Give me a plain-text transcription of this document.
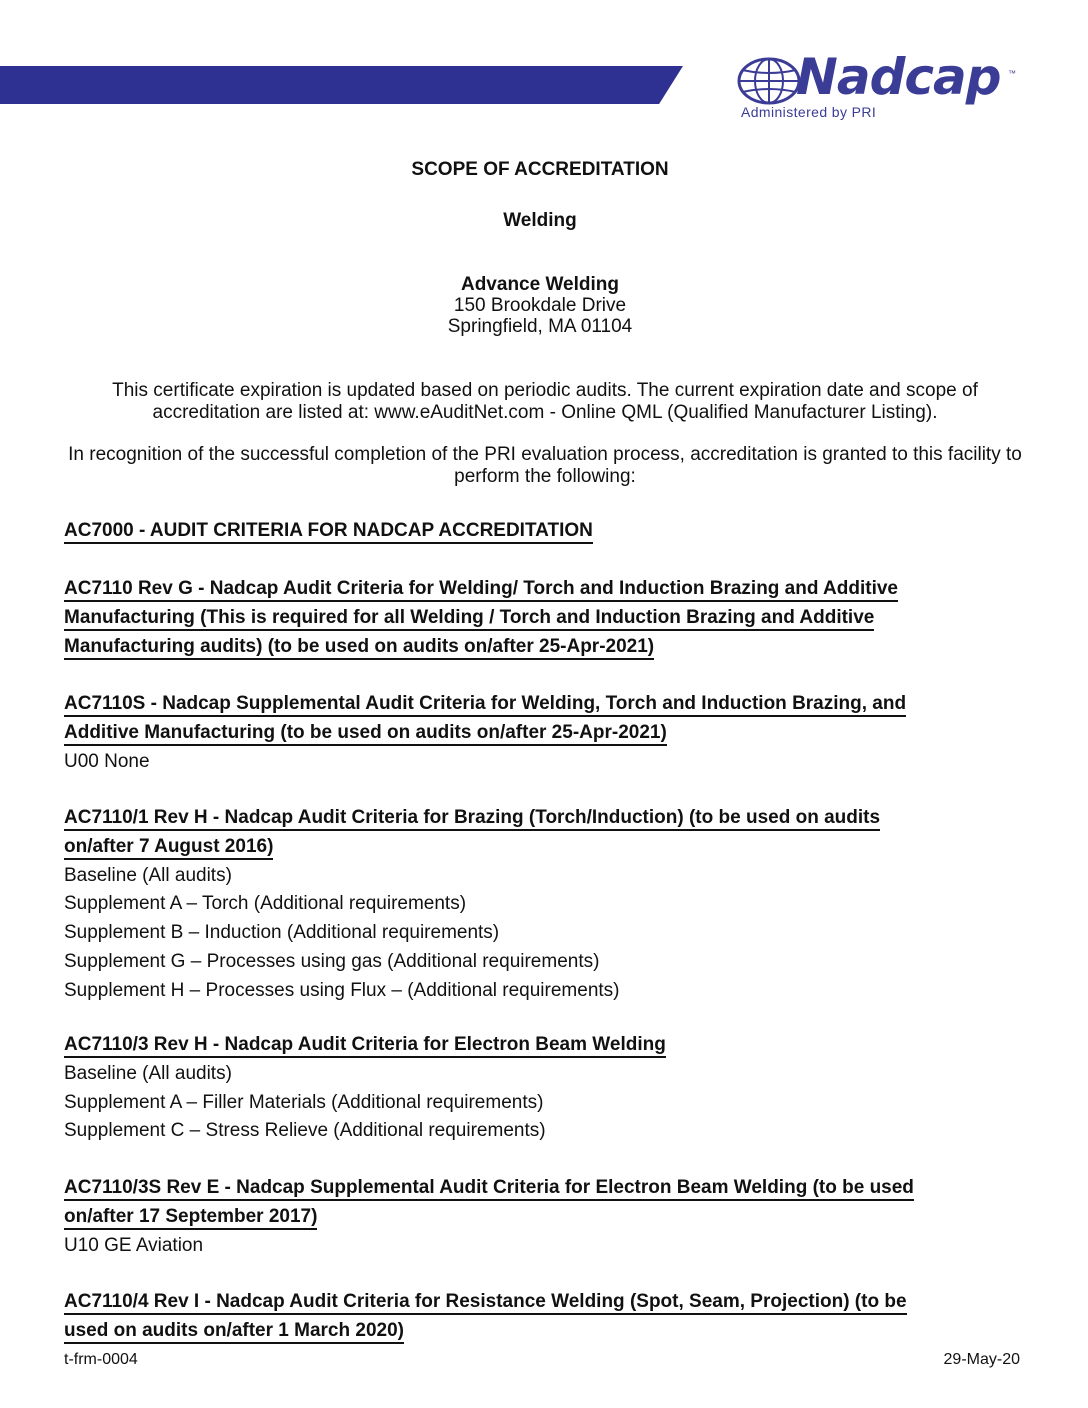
Nadcap ™
Administered by PRI
SCOPE OF ACCREDITATION
Welding
Advance Welding
150 Brookdale Drive
Springfield, MA 01104
This certificate expiration is updated based on periodic audits. The current expiration date and scope of accreditation are listed at: www.eAuditNet.com - Online QML (Qualified Manufacturer Listing).
In recognition of the successful completion of the PRI evaluation process, accreditation is granted to this facility to perform the following:
AC7000 - AUDIT CRITERIA FOR NADCAP ACCREDITATION
AC7110 Rev G - Nadcap Audit Criteria for Welding/ Torch and Induction Brazing and Additive
Manufacturing (This is required for all Welding / Torch and Induction Brazing and Additive
Manufacturing audits) (to be used on audits on/after 25-Apr-2021)
AC7110S - Nadcap Supplemental Audit Criteria for Welding, Torch and Induction Brazing, and
Additive Manufacturing (to be used on audits on/after 25-Apr-2021)
U00 None
AC7110/1 Rev H - Nadcap Audit Criteria for Brazing (Torch/Induction) (to be used on audits
on/after 7 August 2016)
Baseline (All audits)
Supplement A – Torch (Additional requirements)
Supplement B – Induction (Additional requirements)
Supplement G – Processes using gas (Additional requirements)
Supplement H – Processes using Flux – (Additional requirements)
AC7110/3 Rev H - Nadcap Audit Criteria for Electron Beam Welding
Baseline (All audits)
Supplement A – Filler Materials (Additional requirements)
Supplement C – Stress Relieve (Additional requirements)
AC7110/3S Rev E - Nadcap Supplemental Audit Criteria for Electron Beam Welding (to be used
on/after 17 September 2017)
U10 GE Aviation
AC7110/4 Rev I - Nadcap Audit Criteria for Resistance Welding (Spot, Seam, Projection) (to be
used on audits on/after 1 March 2020)
t-frm-0004	29-May-20
